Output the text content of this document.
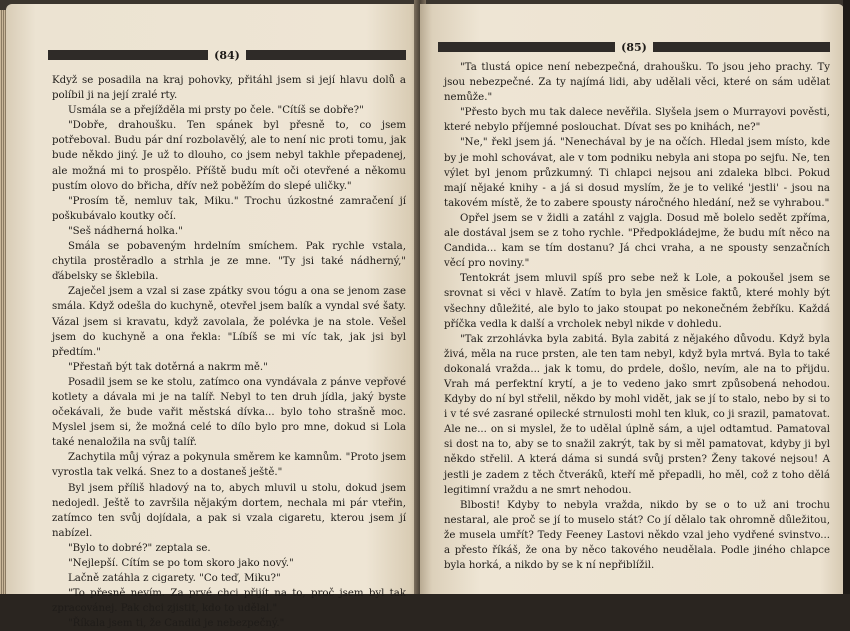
(84)

Když se posadila na kraj pohovky, přitáhl jsem si její hlavu dolů a políbil ji na její zralé rty.

Usmála se a přejížděla mi prsty po čele. "Cítíš se dobře?"

"Dobře, drahoušku. Ten spánek byl přesně to, co jsem potřeboval. Budu pár dní rozbolavělý, ale to není nic proti tomu, jak bude někdo jiný. Je už to dlouho, co jsem nebyl takhle přepadenej, ale možná mi to prospělo. Příště budu mít oči otevřené a někomu pustím olovo do břicha, dřív než poběžím do slepé uličky."

"Prosím tě, nemluv tak, Miku." Trochu úzkostné zamračení jí poškubávalo koutky očí.

"Seš nádherná holka."

Smála se pobaveným hrdelním smíchem. Pak rychle vstala, chytila prostěradlo a strhla je ze mne. "Ty jsi také nádherný," ďábelsky se šklebila.

Zaječel jsem a vzal si zase zpátky svou tógu a ona se jenom zase smála. Když odešla do kuchyně, otevřel jsem balík a vyndal své šaty. Vázal jsem si kravatu, když zavolala, že polévka je na stole. Vešel jsem do kuchyně a ona řekla: "Líbíš se mi víc tak, jak jsi byl předtím."

"Přestaň být tak dotěrná a nakrm mě."

Posadil jsem se ke stolu, zatímco ona vyndávala z pánve vepřové kotlety a dávala mi je na talíř. Nebyl to ten druh jídla, jaký byste očekávali, že bude vařit městská dívka... bylo toho strašně moc. Myslel jsem si, že možná celé to dílo bylo pro mne, dokud si Lola také nenaložila na svůj talíř.

Zachytila můj výraz a pokynula směrem ke kamnům. "Proto jsem vyrostla tak velká. Snez to a dostaneš ještě."

Byl jsem příliš hladový na to, abych mluvil u stolu, dokud jsem nedojedl. Ještě to završila nějakým dortem, nechala mi pár vteřin, zatímco ten svůj dojídala, a pak si vzala cigaretu, kterou jsem jí nabízel.

"Bylo to dobré?" zeptala se.

"Nejlepší. Cítím se po tom skoro jako nový."

Lačně zatáhla z cigarety. "Co teď, Miku?"

"To přesně nevím. Za prvé chci přijít na to, proč jsem byl tak zpracovánej. Pak chci zjistit, kdo to udělal."

"Říkala jsem ti, že Candid je nebezpečný."

(85)

"Ta tlustá opice není nebezpečná, drahoušku. To jsou jeho prachy. Ty jsou nebezpečné. Za ty najímá lidi, aby udělali věci, které on sám udělat nemůže."

"Přesto bych mu tak dalece nevěřila. Slyšela jsem o Murrayovi pověsti, které nebylo příjemné poslouchat. Dívat ses po knihách, ne?"

"Ne," řekl jsem já. "Nenechával by je na očích. Hledal jsem místo, kde by je mohl schovávat, ale v tom podniku nebyla ani stopa po sejfu. Ne, ten výlet byl jenom průzkumný. Ti chlapci nejsou ani zdaleka blbci. Pokud mají nějaké knihy - a já si dosud myslím, že je to veliké 'jestli' - jsou na takovém místě, že to zabere spousty náročného hledání, než se vyhrabou."

Opřel jsem se v židli a zatáhl z vajgla. Dosud mě bolelo sedět zpříma, ale dostával jsem se z toho rychle. "Předpokládejme, že budu mít něco na Candida... kam se tím dostanu? Já chci vraha, a ne spousty senzačních věcí pro noviny."

Tentokrát jsem mluvil spíš pro sebe než k Lole, a pokoušel jsem se srovnat si věci v hlavě. Zatím to byla jen směsice faktů, které mohly být všechny důležité, ale bylo to jako stoupat po nekonečném žebříku. Každá příčka vedla k další a vrcholek nebyl nikde v dohledu.

"Tak zrzohlávka byla zabitá. Byla zabitá z nějakého důvodu. Když byla živá, měla na ruce prsten, ale ten tam nebyl, když byla mrtvá. Byla to také dokonalá vražda... jak k tomu, do prdele, došlo, nevím, ale na to přijdu. Vrah má perfektní krytí, a je to vedeno jako smrt způsobená nehodou. Kdyby do ní byl střelil, někdo by mohl vidět, jak se jí to stalo, nebo by si to i v té své zasrané opilecké strnulosti mohl ten kluk, co ji srazil, pamatovat. Ale ne... on si myslel, že to udělal úplně sám, a ujel odtamtud. Pamatoval si dost na to, aby se to snažil zakrýt, tak by si měl pamatovat, kdyby ji byl někdo střelil. A která dáma si sundá svůj prsten? Ženy takové nejsou! A jestli je zadem z těch čtveráků, kteří mě přepadli, ho měl, což z toho dělá legitimní vraždu a ne smrt nehodou.

Blbosti! Kdyby to nebyla vražda, nikdo by se o to už ani trochu nestaral, ale proč se jí to muselo stát? Co jí dělalo tak ohromně důležitou, že musela umřít? Tedy Feeney Lastovi někdo vzal jeho vydřené svinstvo... a přesto říkáš, že ona by něco takového neudělala. Podle jiného chlapce byla horká, a nikdo by se k ní nepřiblížil.
